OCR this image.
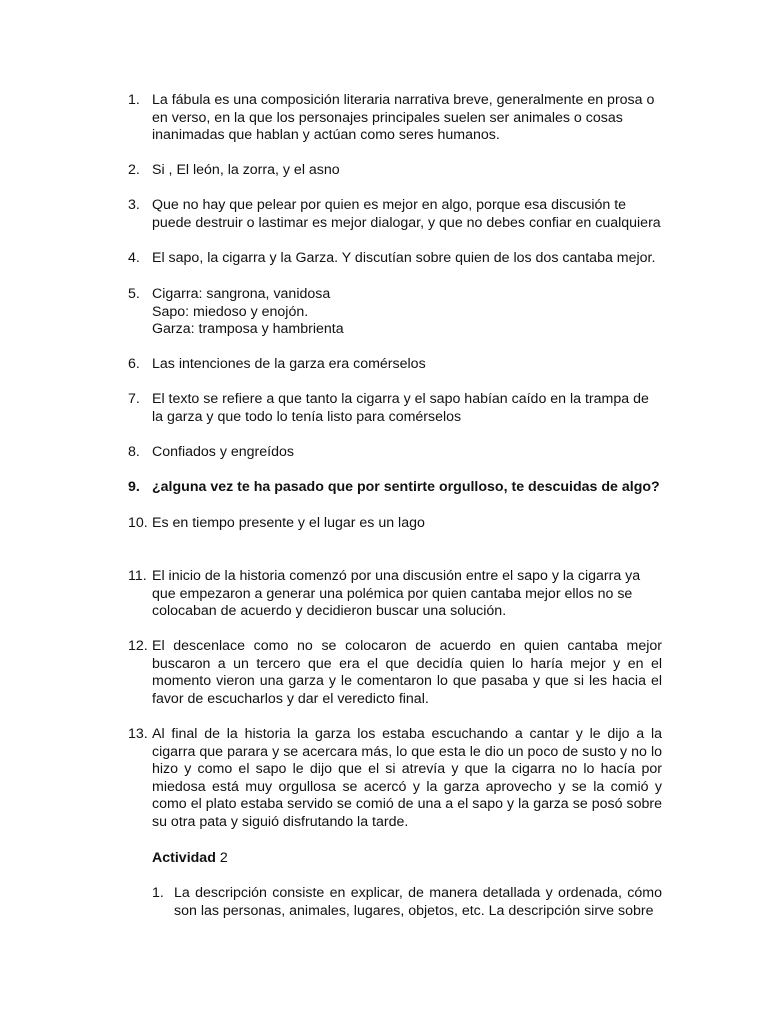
1. La fábula es una composición literaria narrativa breve, generalmente en prosa o en verso, en la que los personajes principales suelen ser animales o cosas inanimadas que hablan y actúan como seres humanos.
2. Si , El león, la zorra, y el asno
3. Que no hay que pelear por quien es mejor en algo, porque esa discusión te puede destruir o lastimar es mejor dialogar, y que no debes confiar en cualquiera
4. El sapo, la cigarra y la Garza. Y discutían sobre quien de los dos cantaba mejor.
5. Cigarra: sangrona, vanidosa
Sapo: miedoso y enojón.
Garza: tramposa y hambrienta
6. Las intenciones de la garza era comérselos
7. El texto se refiere a que tanto la cigarra y el sapo habían caído en la trampa de la garza y que todo lo tenía listo para comérselos
8. Confiados y engreídos
9. ¿alguna vez te ha pasado que por sentirte orgulloso, te descuidas de algo?
10. Es en tiempo presente y el lugar es un lago
11. El inicio de la historia comenzó por una discusión entre el sapo y la cigarra ya que empezaron a generar una polémica por quien cantaba mejor ellos no se colocaban de acuerdo y decidieron buscar una solución.
12. El descenlace como no se colocaron de acuerdo en quien cantaba mejor buscaron a un tercero que era el que decidía quien lo haría mejor y en el momento vieron una garza y le comentaron lo que pasaba y que si les hacia el favor de escucharlos y dar el veredicto final.
13. Al final de la historia la garza los estaba escuchando a cantar y le dijo a la cigarra que parara y se acercara más, lo que esta le dio un poco de susto y no lo hizo y como el sapo le dijo que el si atrevía y que la cigarra no lo hacía por miedosa está muy orgullosa se acercó y la garza aprovecho y se la comió y como el plato estaba servido se comió de una a el sapo y la garza se posó sobre su otra pata y siguió disfrutando la tarde.
Actividad 2
1. La descripción consiste en explicar, de manera detallada y ordenada, cómo son las personas, animales, lugares, objetos, etc. La descripción sirve sobre
